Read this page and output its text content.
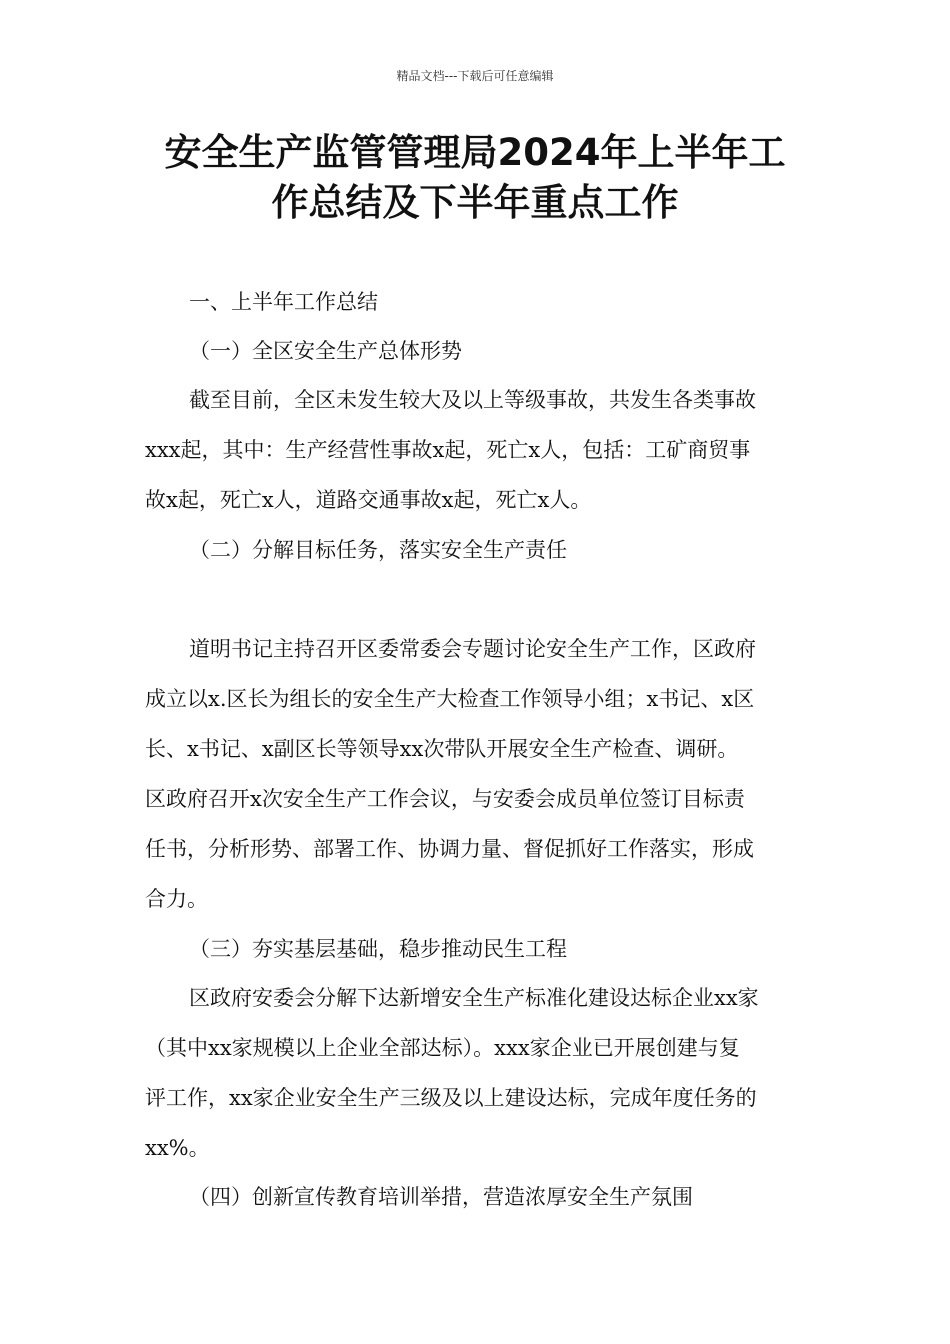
精品文档---下载后可任意编辑
安全生产监管管理局2024年上半年工
作总结及下半年重点工作

一、上半年工作总结

（一）全区安全生产总体形势

截至目前，全区未发生较大及以上等级事故，共发生各类事故
xxx起，其中：生产经营性事故x起，死亡x人，包括：工矿商贸事
故x起，死亡x人，道路交通事故x起，死亡x人。

（二）分解目标任务，落实安全生产责任

道明书记主持召开区委常委会专题讨论安全生产工作，区政府
成立以x.区长为组长的安全生产大检查工作领导小组；x书记、x区
长、x书记、x副区长等领导xx次带队开展安全生产检查、调研。
区政府召开x次安全生产工作会议，与安委会成员单位签订目标责
任书，分析形势、部署工作、协调力量、督促抓好工作落实，形成
合力。

（三）夯实基层基础，稳步推动民生工程

区政府安委会分解下达新增安全生产标准化建设达标企业xx家
（其中xx家规模以上企业全部达标）。xxx家企业已开展创建与复
评工作，xx家企业安全生产三级及以上建设达标，完成年度任务的
xx%。

（四）创新宣传教育培训举措，营造浓厚安全生产氛围
